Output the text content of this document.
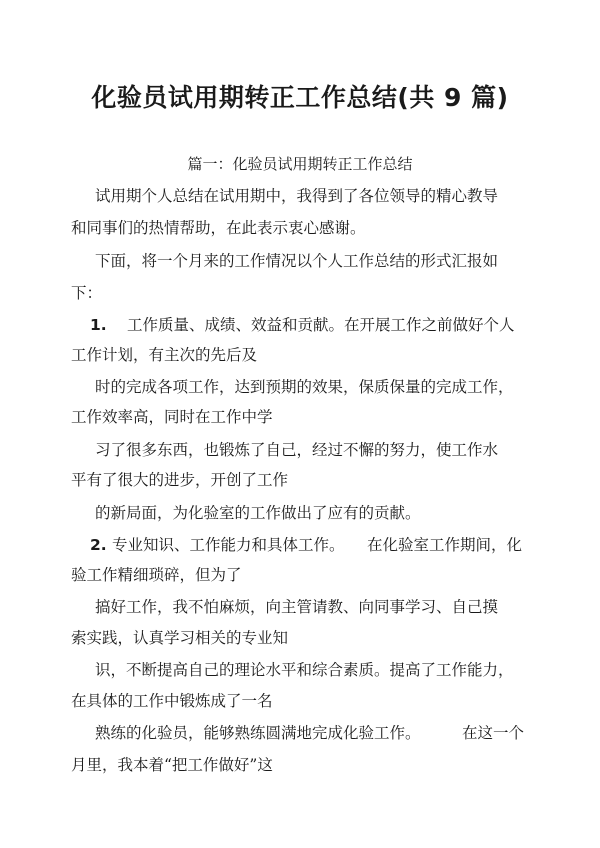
化验员试用期转正工作总结(共 9 篇)
篇一：化验员试用期转正工作总结
试用期个人总结在试用期中，我得到了各位领导的精心教导
和同事们的热情帮助，在此表示衷心感谢。
下面，将一个月来的工作情况以个人工作总结的形式汇报如
下：
1. 工作质量、成绩、效益和贡献。在开展工作之前做好个人
工作计划，有主次的先后及
时的完成各项工作，达到预期的效果，保质保量的完成工作，
工作效率高，同时在工作中学
习了很多东西，也锻炼了自己，经过不懈的努力，使工作水
平有了很大的进步，开创了工作
的新局面，为化验室的工作做出了应有的贡献。
2. 专业知识、工作能力和具体工作。 在化验室工作期间，化
验工作精细琐碎，但为了
搞好工作，我不怕麻烦，向主管请教、向同事学习、自己摸
索实践，认真学习相关的专业知
识，不断提高自己的理论水平和综合素质。提高了工作能力，
在具体的工作中锻炼成了一名
熟练的化验员，能够熟练圆满地完成化验工作。	在这一个
月里，我本着“把工作做好”这
